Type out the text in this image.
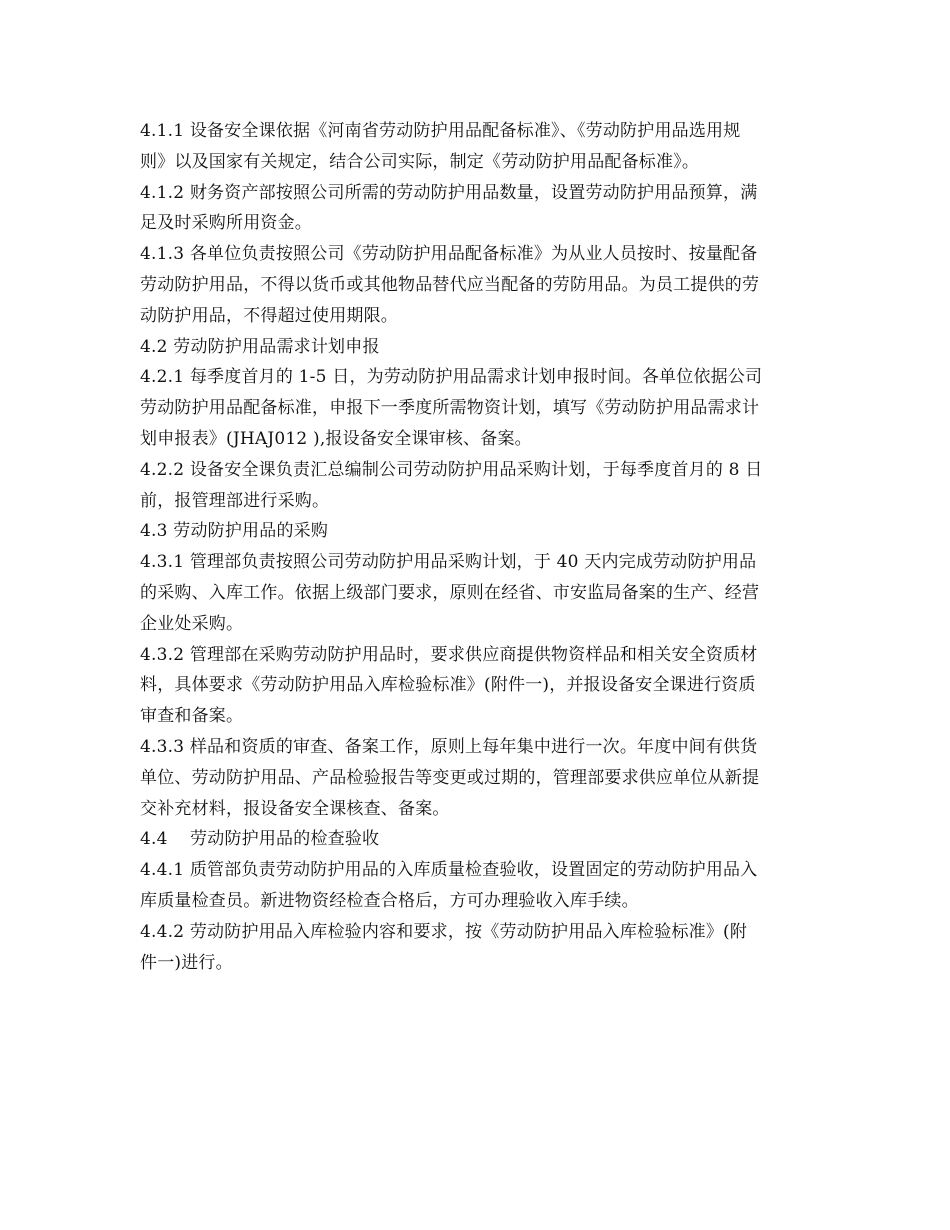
4.1.1 设备安全课依据《河南省劳动防护用品配备标准》、《劳动防护用品选用规
则》以及国家有关规定，结合公司实际，制定《劳动防护用品配备标准》。
4.1.2 财务资产部按照公司所需的劳动防护用品数量，设置劳动防护用品预算，满
足及时采购所用资金。
4.1.3 各单位负责按照公司《劳动防护用品配备标准》为从业人员按时、按量配备
劳动防护用品，不得以货币或其他物品替代应当配备的劳防用品。为员工提供的劳
动防护用品，不得超过使用期限。
4.2 劳动防护用品需求计划申报
4.2.1 每季度首月的 1-5 日，为劳动防护用品需求计划申报时间。各单位依据公司
劳动防护用品配备标准，申报下一季度所需物资计划，填写《劳动防护用品需求计
划申报表》(JHAJ012 ),报设备安全课审核、备案。
4.2.2 设备安全课负责汇总编制公司劳动防护用品采购计划，于每季度首月的 8 日
前，报管理部进行采购。
4.3 劳动防护用品的采购
4.3.1 管理部负责按照公司劳动防护用品采购计划，于 40 天内完成劳动防护用品
的采购、入库工作。依据上级部门要求，原则在经省、市安监局备案的生产、经营
企业处采购。
4.3.2 管理部在采购劳动防护用品时，要求供应商提供物资样品和相关安全资质材
料，具体要求《劳动防护用品入库检验标准》(附件一)，并报设备安全课进行资质
审查和备案。
4.3.3 样品和资质的审查、备案工作，原则上每年集中进行一次。年度中间有供货
单位、劳动防护用品、产品检验报告等变更或过期的，管理部要求供应单位从新提
交补充材料，报设备安全课核查、备案。
4.4    劳动防护用品的检查验收
4.4.1 质管部负责劳动防护用品的入库质量检查验收，设置固定的劳动防护用品入
库质量检查员。新进物资经检查合格后，方可办理验收入库手续。
4.4.2 劳动防护用品入库检验内容和要求，按《劳动防护用品入库检验标准》(附
件一)进行。
